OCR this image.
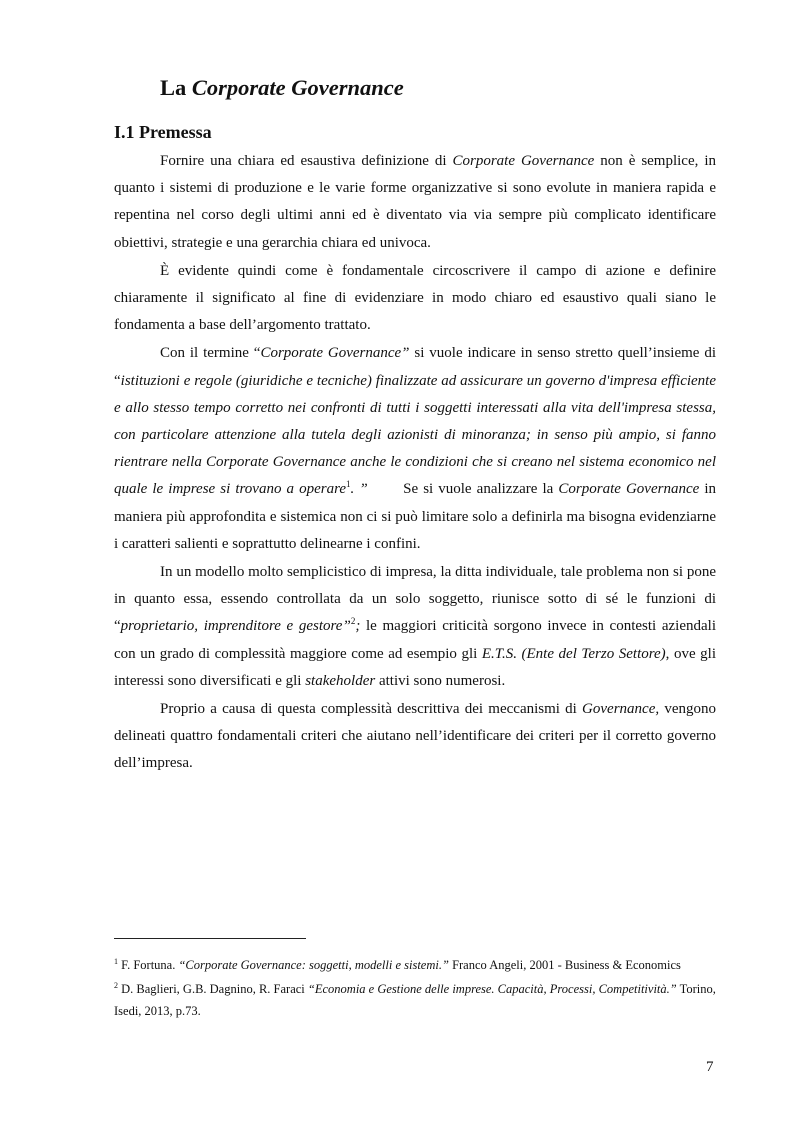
La Corporate Governance
I.1 Premessa

Fornire una chiara ed esaustiva definizione di Corporate Governance non è semplice, in quanto i sistemi di produzione e le varie forme organizzative si sono evolute in maniera rapida e repentina nel corso degli ultimi anni ed è diventato via via sempre più complicato identificare obiettivi, strategie e una gerarchia chiara ed univoca.

È evidente quindi come è fondamentale circoscrivere il campo di azione e definire chiaramente il significato al fine di evidenziare in modo chiaro ed esaustivo quali siano le fondamenta a base dell’argomento trattato.

Con il termine “Corporate Governance” si vuole indicare in senso stretto quell’insieme di “istituzioni e regole (giuridiche e tecniche) finalizzate ad assicurare un governo d'impresa efficiente e allo stesso tempo corretto nei confronti di tutti i soggetti interessati alla vita dell'impresa stessa, con particolare attenzione alla tutela degli azionisti di minoranza; in senso più ampio, si fanno rientrare nella Corporate Governance anche le condizioni che si creano nel sistema economico nel quale le imprese si trovano a operare$^1$. ”       Se si vuole analizzare la Corporate Governance in maniera più approfondita e sistemica non ci si può limitare solo a definirla ma bisogna evidenziarne i caratteri salienti e soprattutto delinearne i confini.

In un modello molto semplicistico di impresa, la ditta individuale, tale problema non si pone in quanto essa, essendo controllata da un solo soggetto, riunisce sotto di sé le funzioni di “proprietario, imprenditore e gestore”$^2$; le maggiori criticità sorgono invece in contesti aziendali con un grado di complessità maggiore come ad esempio gli E.T.S. (Ente del Terzo Settore), ove gli interessi sono diversificati e gli stakeholder attivi sono numerosi.

Proprio a causa di questa complessità descrittiva dei meccanismi di Governance, vengono delineati quattro fondamentali criteri che aiutano nell’identificare dei criteri per il corretto governo dell’impresa.

$^1$ F. Fortuna. “Corporate Governance: soggetti, modelli e sistemi.” Franco Angeli, 2001 - Business & Economics

$^2$ D. Baglieri, G.B. Dagnino, R. Faraci “Economia e Gestione delle imprese. Capacità, Processi, Competitività.” Torino, Isedi, 2013, p.73.

7
